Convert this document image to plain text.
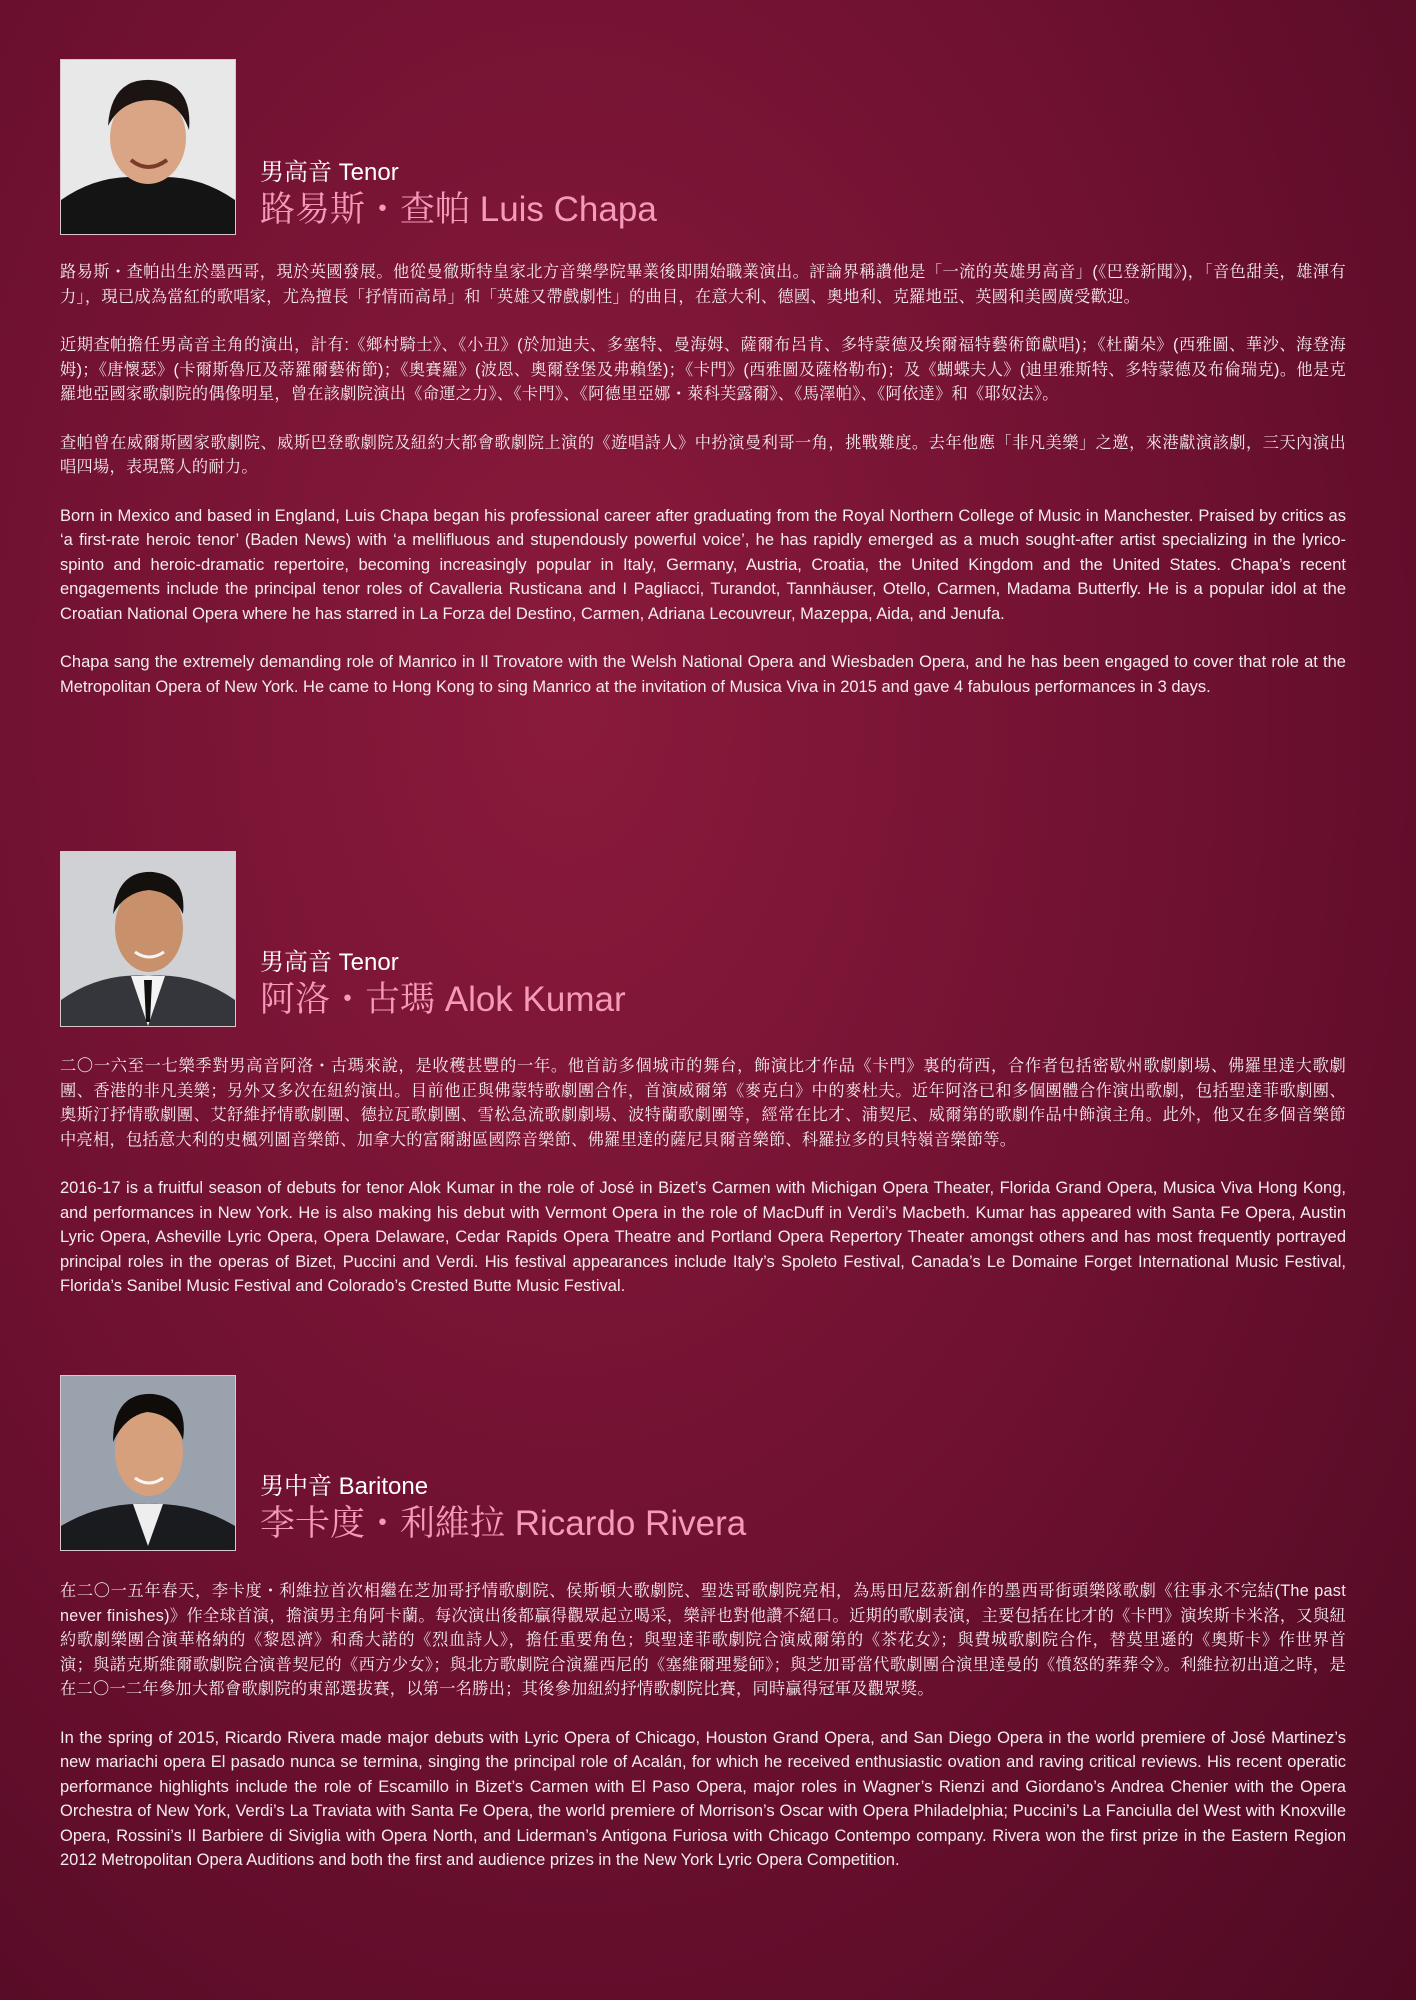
男高音 Tenor
路易斯・查帕 Luis Chapa

路易斯・查帕出生於墨西哥，現於英國發展。他從曼徹斯特皇家北方音樂學院畢業後即開始職業演出。評論界稱讚他是「一流的英雄男高音」(《巴登新聞》)，「音色甜美，雄渾有力」，現已成為當紅的歌唱家，尤為擅長「抒情而高昂」和「英雄又帶戲劇性」的曲目，在意大利、德國、奧地利、克羅地亞、英國和美國廣受歡迎。

近期查帕擔任男高音主角的演出，計有:《鄉村騎士》、《小丑》(於加迪夫、多塞特、曼海姆、薩爾布呂肯、多特蒙德及埃爾福特藝術節獻唱)；《杜蘭朵》(西雅圖、華沙、海登海姆)；《唐懷瑟》(卡爾斯魯厄及蒂羅爾藝術節)；《奧賽羅》(波恩、奧爾登堡及弗賴堡)；《卡門》(西雅圖及薩格勒布)；及《蝴蝶夫人》(迪里雅斯特、多特蒙德及布倫瑞克)。他是克羅地亞國家歌劇院的偶像明星，曾在該劇院演出《命運之力》、《卡門》、《阿德里亞娜・萊科芙露爾》、《馬澤帕》、《阿依達》和《耶奴法》。

查帕曾在威爾斯國家歌劇院、威斯巴登歌劇院及紐約大都會歌劇院上演的《遊唱詩人》中扮演曼利哥一角，挑戰難度。去年他應「非凡美樂」之邀，來港獻演該劇，三天內演出唱四場，表現驚人的耐力。

Born in Mexico and based in England, Luis Chapa began his professional career after graduating from the Royal Northern College of Music in Manchester. Praised by critics as ‘a first-rate heroic tenor’ (Baden News) with ‘a mellifluous and stupendously powerful voice’, he has rapidly emerged as a much sought-after artist specializing in the lyrico-spinto and heroic-dramatic repertoire, becoming increasingly popular in Italy, Germany, Austria, Croatia, the United Kingdom and the United States. Chapa’s recent engagements include the principal tenor roles of Cavalleria Rusticana and I Pagliacci, Turandot, Tannhäuser, Otello, Carmen, Madama Butterfly. He is a popular idol at the Croatian National Opera where he has starred in La Forza del Destino, Carmen, Adriana Lecouvreur, Mazeppa, Aida, and Jenufa.

Chapa sang the extremely demanding role of Manrico in Il Trovatore with the Welsh National Opera and Wiesbaden Opera, and he has been engaged to cover that role at the Metropolitan Opera of New York. He came to Hong Kong to sing Manrico at the invitation of Musica Viva in 2015 and gave 4 fabulous performances in 3 days.

男高音 Tenor
阿洛・古瑪 Alok Kumar

二〇一六至一七樂季對男高音阿洛・古瑪來說，是收穫甚豐的一年。他首訪多個城市的舞台，飾演比才作品《卡門》裏的荷西，合作者包括密歇州歌劇劇場、佛羅里達大歌劇團、香港的非凡美樂；另外又多次在紐約演出。目前他正與佛蒙特歌劇團合作，首演威爾第《麥克白》中的麥杜夫。近年阿洛已和多個團體合作演出歌劇，包括聖達菲歌劇團、奧斯汀抒情歌劇團、艾舒維抒情歌劇團、德拉瓦歌劇團、雪松急流歌劇劇場、波特蘭歌劇團等，經常在比才、浦契尼、威爾第的歌劇作品中飾演主角。此外，他又在多個音樂節中亮相，包括意大利的史楓列圖音樂節、加拿大的富爾謝區國際音樂節、佛羅里達的薩尼貝爾音樂節、科羅拉多的貝特嶺音樂節等。

2016-17 is a fruitful season of debuts for tenor Alok Kumar in the role of José in Bizet’s Carmen with Michigan Opera Theater, Florida Grand Opera, Musica Viva Hong Kong, and performances in New York. He is also making his debut with Vermont Opera in the role of MacDuff in Verdi’s Macbeth. Kumar has appeared with Santa Fe Opera, Austin Lyric Opera, Asheville Lyric Opera, Opera Delaware, Cedar Rapids Opera Theatre and Portland Opera Repertory Theater amongst others and has most frequently portrayed principal roles in the operas of Bizet, Puccini and Verdi. His festival appearances include Italy’s Spoleto Festival, Canada’s Le Domaine Forget International Music Festival, Florida’s Sanibel Music Festival and Colorado’s Crested Butte Music Festival.

男中音 Baritone
李卡度・利維拉 Ricardo Rivera

在二〇一五年春天，李卡度・利維拉首次相繼在芝加哥抒情歌劇院、侯斯頓大歌劇院、聖迭哥歌劇院亮相，為馬田尼茲新創作的墨西哥街頭樂隊歌劇《往事永不完結(The past never finishes)》作全球首演，擔演男主角阿卡蘭。每次演出後都贏得觀眾起立喝采，樂評也對他讚不絕口。近期的歌劇表演，主要包括在比才的《卡門》演埃斯卡米洛，又與紐約歌劇樂團合演華格納的《黎恩濟》和喬大諾的《烈血詩人》，擔任重要角色；與聖達菲歌劇院合演威爾第的《茶花女》；與費城歌劇院合作，替莫里遜的《奧斯卡》作世界首演；與諾克斯維爾歌劇院合演普契尼的《西方少女》；與北方歌劇院合演羅西尼的《塞維爾理髮師》；與芝加哥當代歌劇團合演里達曼的《憤怒的葬葬令》。利維拉初出道之時，是在二〇一二年參加大都會歌劇院的東部選拔賽，以第一名勝出；其後參加紐約抒情歌劇院比賽，同時贏得冠軍及觀眾獎。

In the spring of 2015, Ricardo Rivera made major debuts with Lyric Opera of Chicago, Houston Grand Opera, and San Diego Opera in the world premiere of José Martinez’s new mariachi opera El pasado nunca se termina, singing the principal role of Acalán, for which he received enthusiastic ovation and raving critical reviews. His recent operatic performance highlights include the role of Escamillo in Bizet’s Carmen with El Paso Opera, major roles in Wagner’s Rienzi and Giordano’s Andrea Chenier with the Opera Orchestra of New York, Verdi’s La Traviata with Santa Fe Opera, the world premiere of Morrison’s Oscar with Opera Philadelphia; Puccini’s La Fanciulla del West with Knoxville Opera, Rossini’s Il Barbiere di Siviglia with Opera North, and Liderman’s Antigona Furiosa with Chicago Contempo company. Rivera won the first prize in the Eastern Region 2012 Metropolitan Opera Auditions and both the first and audience prizes in the New York Lyric Opera Competition.
